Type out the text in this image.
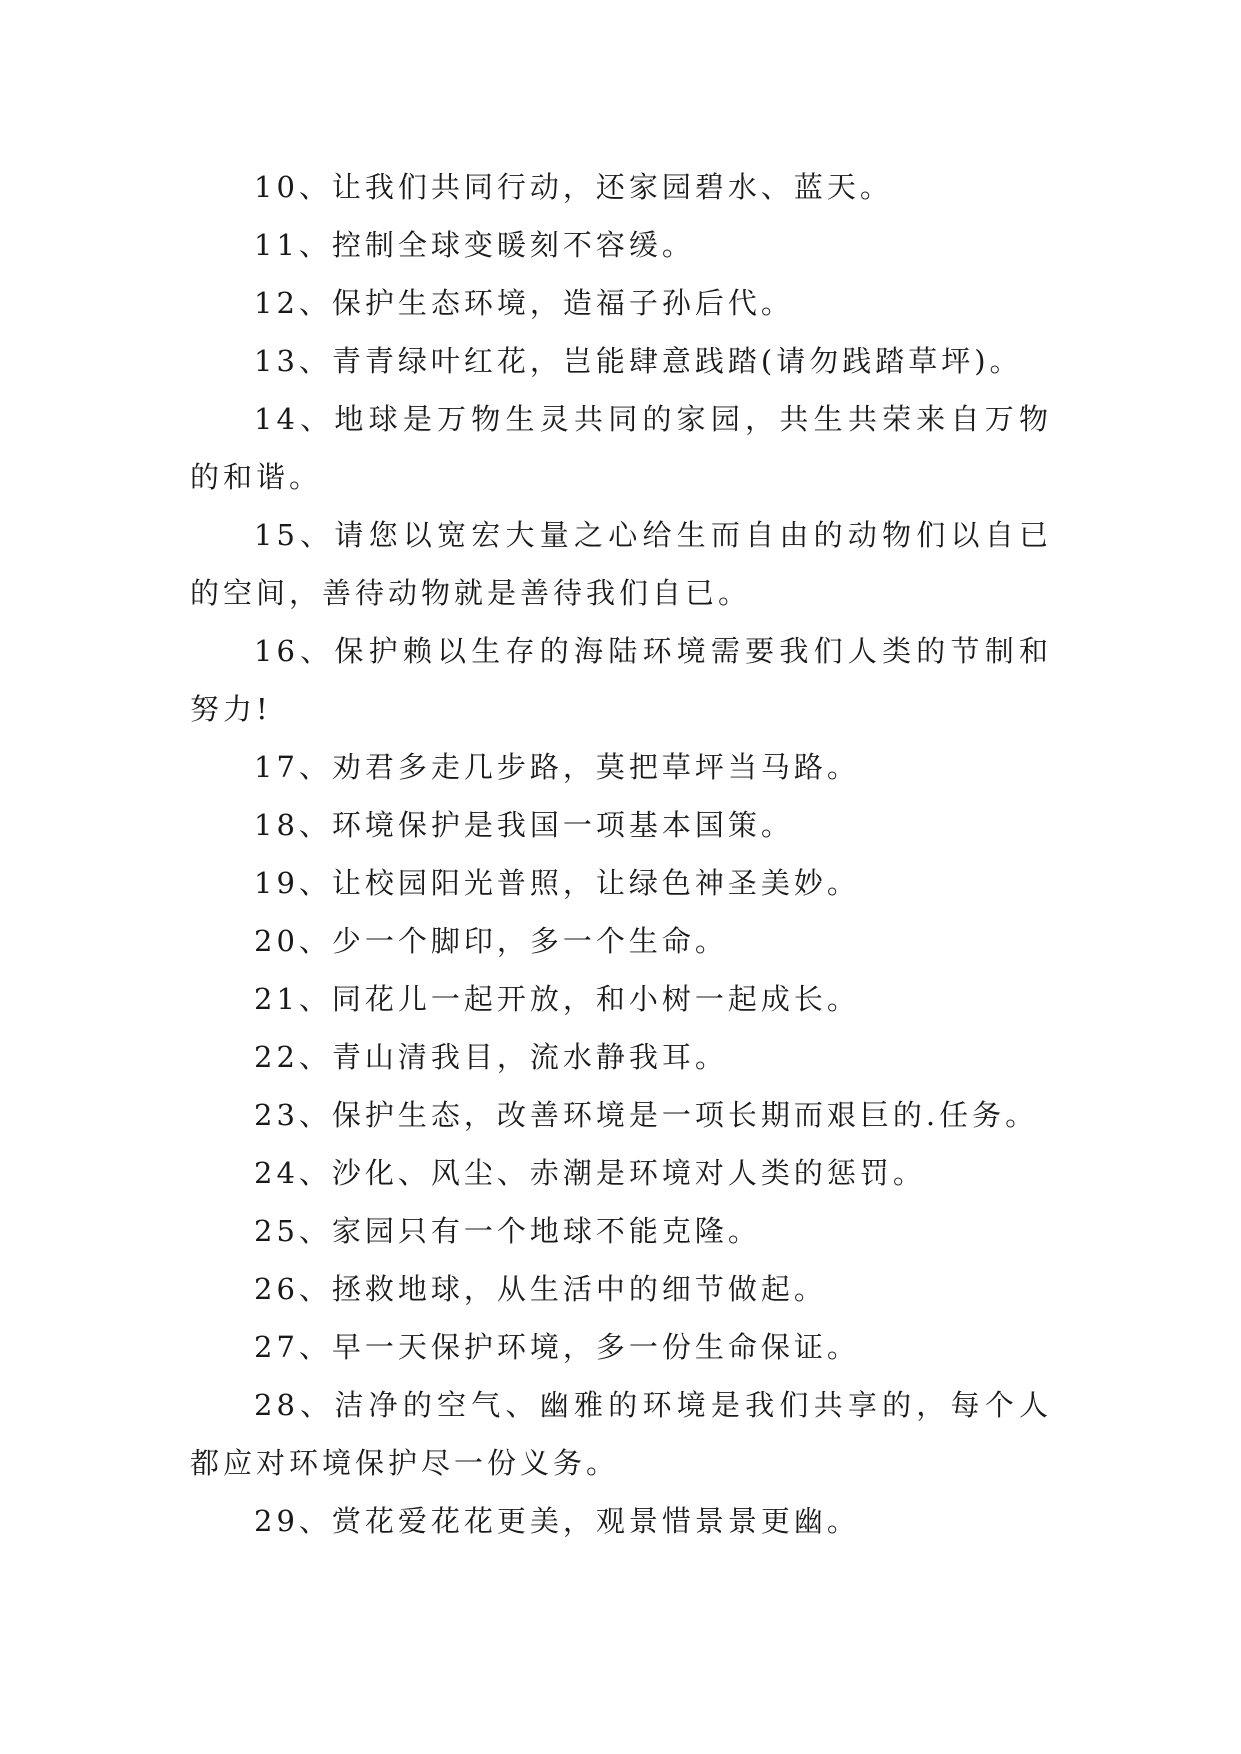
10、让我们共同行动，还家园碧水、蓝天。

11、控制全球变暖刻不容缓。

12、保护生态环境，造福子孙后代。

13、青青绿叶红花，岂能肆意践踏(请勿践踏草坪)。

14、地球是万物生灵共同的家园，共生共荣来自万物的和谐。

15、请您以宽宏大量之心给生而自由的动物们以自已的空间，善待动物就是善待我们自已。

16、保护赖以生存的海陆环境需要我们人类的节制和努力!

17、劝君多走几步路，莫把草坪当马路。

18、环境保护是我国一项基本国策。

19、让校园阳光普照，让绿色神圣美妙。

20、少一个脚印，多一个生命。

21、同花儿一起开放，和小树一起成长。

22、青山清我目，流水静我耳。

23、保护生态，改善环境是一项长期而艰巨的.任务。

24、沙化、风尘、赤潮是环境对人类的惩罚。

25、家园只有一个地球不能克隆。

26、拯救地球，从生活中的细节做起。

27、早一天保护环境，多一份生命保证。

28、洁净的空气、幽雅的环境是我们共享的，每个人都应对环境保护尽一份义务。

29、赏花爱花花更美，观景惜景景更幽。
